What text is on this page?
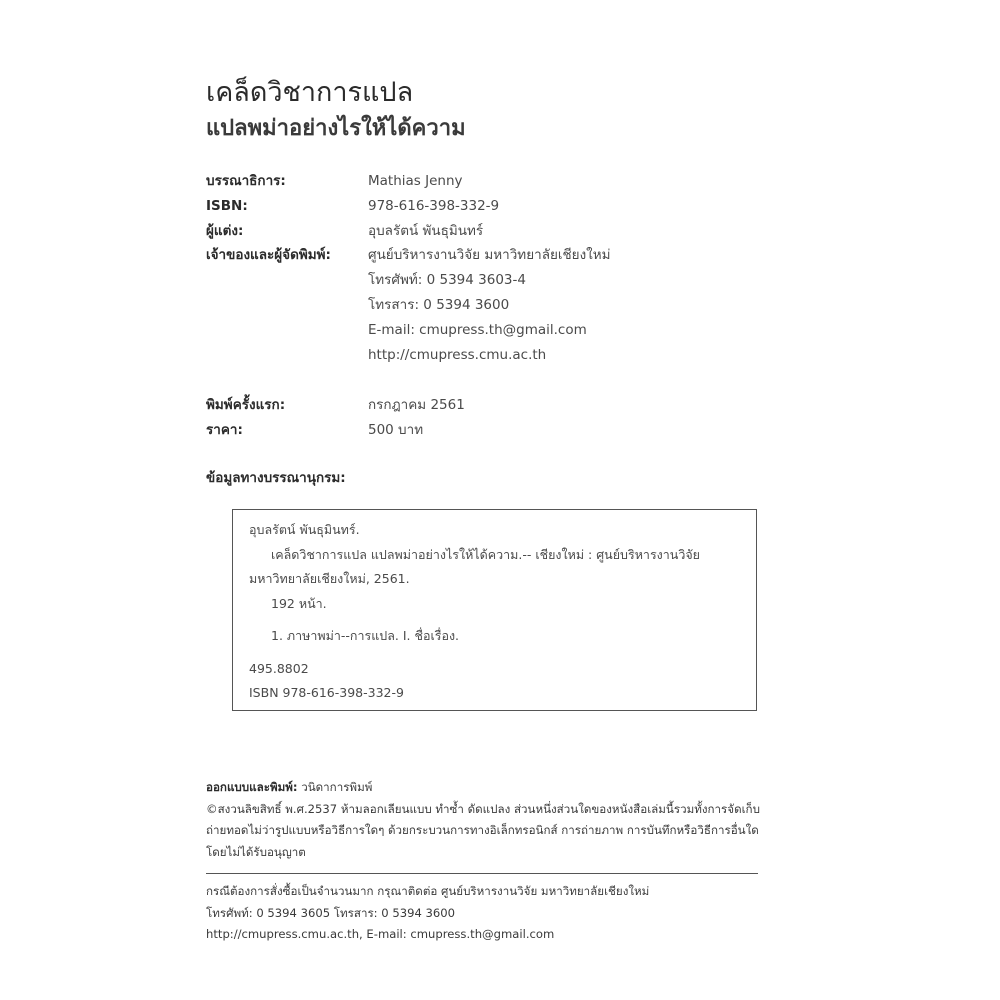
เคล็ดวิชาการแปล
แปลพม่าอย่างไรให้ได้ความ
บรรณาธิการ:	Mathias Jenny
ISBN:	978-616-398-332-9
ผู้แต่ง:	อุบลรัตน์ พันธุมินทร์
เจ้าของและผู้จัดพิมพ์:	ศูนย์บริหารงานวิจัย มหาวิทยาลัยเชียงใหม่
โทรศัพท์: 0 5394 3603-4
โทรสาร: 0 5394 3600
E-mail: cmupress.th@gmail.com
http://cmupress.cmu.ac.th
พิมพ์ครั้งแรก:	กรกฎาคม 2561
ราคา:	500 บาท
ข้อมูลทางบรรณานุกรม:
อุบลรัตน์ พันธุมินทร์.
เคล็ดวิชาการแปล แปลพม่าอย่างไรให้ได้ความ.-- เชียงใหม่ : ศูนย์บริหารงานวิจัย
มหาวิทยาลัยเชียงใหม่, 2561.
192 หน้า.
1. ภาษาพม่า--การแปล. I. ชื่อเรื่อง.
495.8802
ISBN 978-616-398-332-9
ออกแบบและพิมพ์: วนิดาการพิมพ์
©สงวนลิขสิทธิ์ พ.ศ.2537 ห้ามลอกเลียนแบบ ทำซ้ำ ดัดแปลง ส่วนหนึ่งส่วนใดของหนังสือเล่มนี้รวมทั้งการจัดเก็บ
ถ่ายทอดไม่ว่ารูปแบบหรือวิธีการใดๆ ด้วยกระบวนการทางอิเล็กทรอนิกส์ การถ่ายภาพ การบันทึกหรือวิธีการอื่นใด
โดยไม่ได้รับอนุญาต
กรณีต้องการสั่งซื้อเป็นจำนวนมาก กรุณาติดต่อ ศูนย์บริหารงานวิจัย มหาวิทยาลัยเชียงใหม่
โทรศัพท์: 0 5394 3605 โทรสาร: 0 5394 3600
http://cmupress.cmu.ac.th, E-mail: cmupress.th@gmail.com
